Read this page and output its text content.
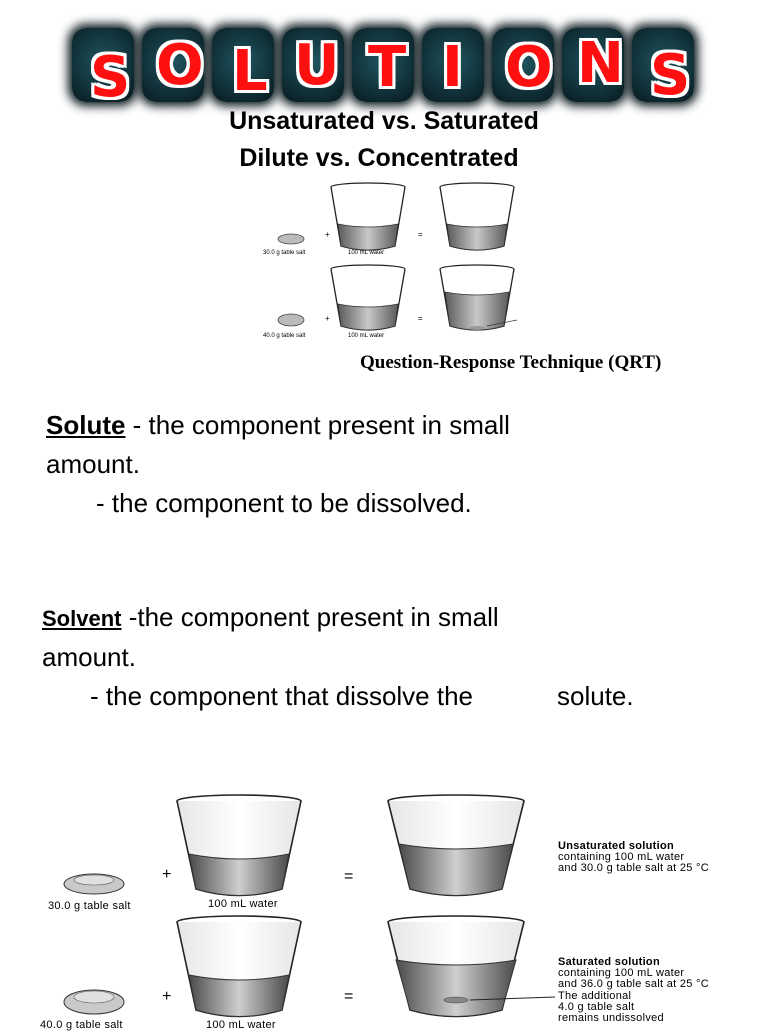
S O L U T I O N S
Unsaturated vs. Saturated
Dilute vs. Concentrated
30.0 g table salt	100 mL water
+	=
40.0 g table salt	100 mL water
+	=
Question-Response Technique (QRT)
Solute - the component present in small
amount.
- the component to be dissolved.
Solvent -the component present in small
amount.
- the component that dissolve the	solute.
30.0 g table salt	100 mL water
+	=
+	=
40.0 g table salt	100 mL water
Unsaturated solution
containing 100 mL water
and 30.0 g table salt at 25 °C
Saturated solution
containing 100 mL water
and 36.0 g table salt at 25 °C
The additional
4.0 g table salt
remains undissolved
